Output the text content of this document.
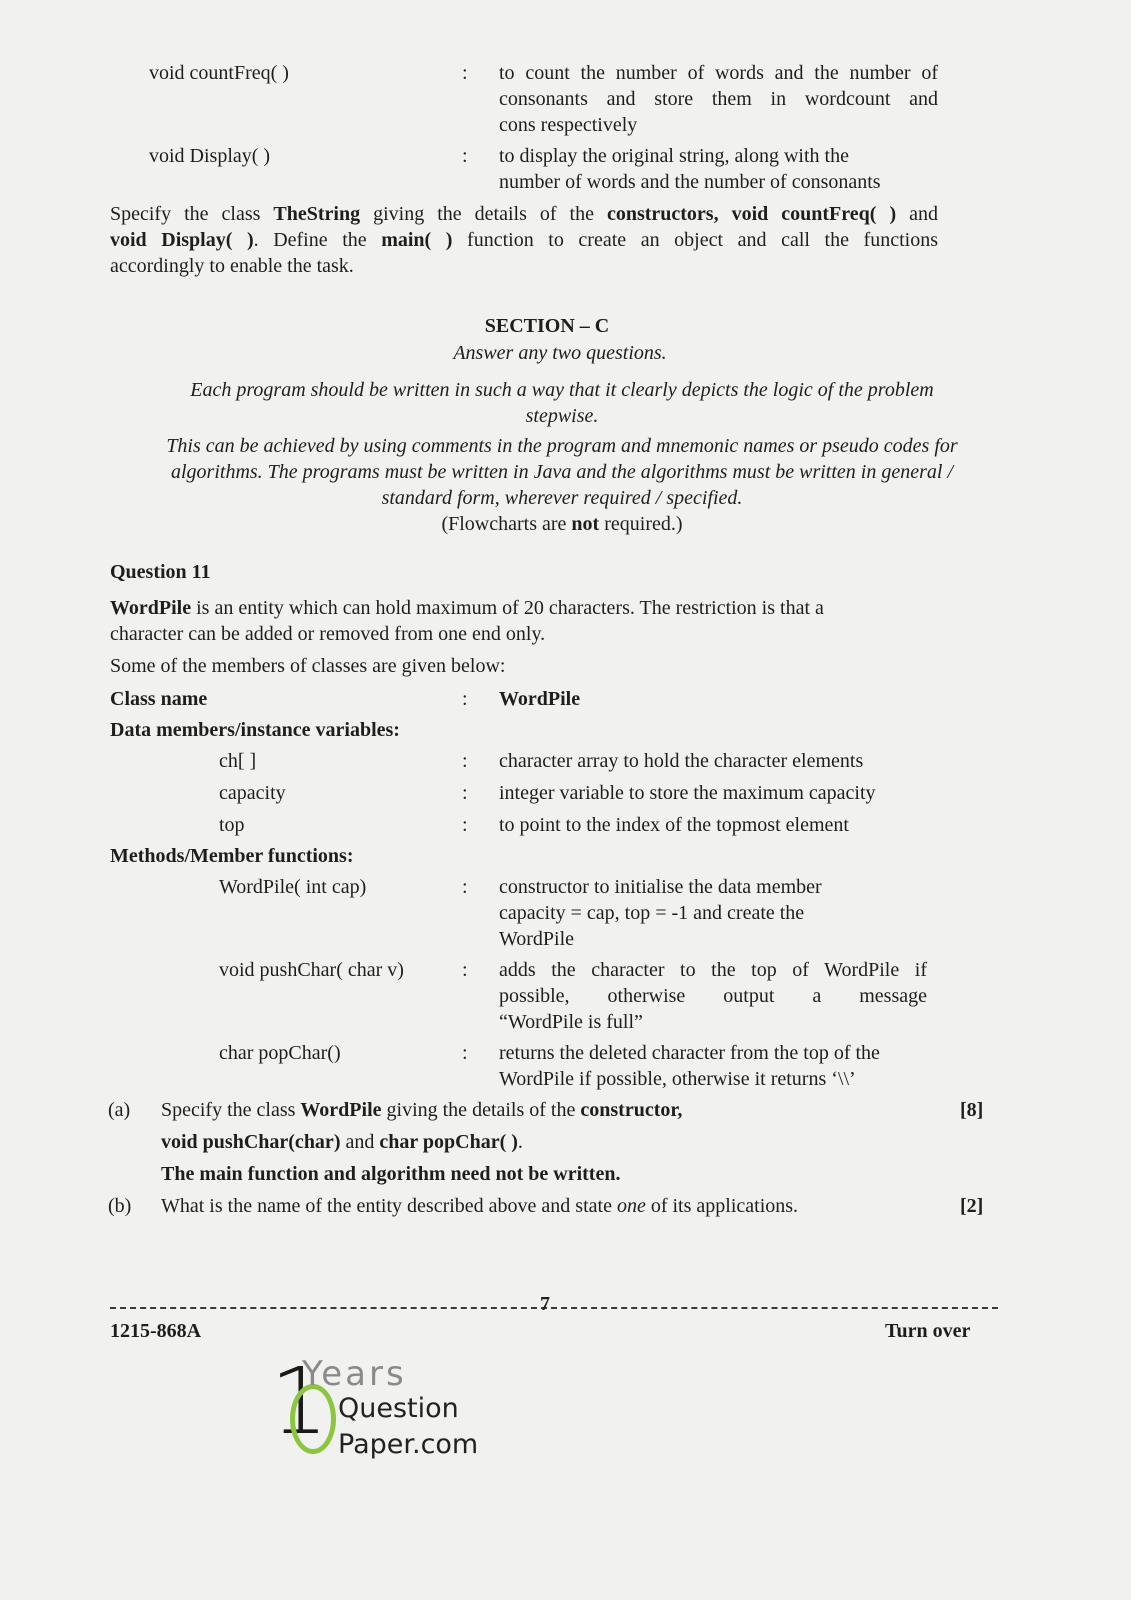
void countFreq( )	: to count the number of words and the number of
consonants and store them in wordcount and
cons respectively
void Display( )	: to display the original string, along with the
number of words and the number of consonants
Specify the class TheString giving the details of the constructors, void countFreq( ) and
void Display( ). Define the main( ) function to create an object and call the functions
accordingly to enable the task.
SECTION – C
Answer any two questions.
Each program should be written in such a way that it clearly depicts the logic of the problem
stepwise.
This can be achieved by using comments in the program and mnemonic names or pseudo codes for
algorithms. The programs must be written in Java and the algorithms must be written in general /
standard form, wherever required / specified.
(Flowcharts are not required.)
Question 11
WordPile is an entity which can hold maximum of 20 characters. The restriction is that a
character can be added or removed from one end only.
Some of the members of classes are given below:
Class name	: WordPile
Data members/instance variables:
ch[ ]	: character array to hold the character elements
capacity	: integer variable to store the maximum capacity
top	: to point to the index of the topmost element
Methods/Member functions:
WordPile( int cap)	: constructor to initialise the data member
capacity = cap, top = -1 and create the
WordPile
void pushChar( char v)	: adds the character to the top of WordPile if
possible, otherwise output a message
“WordPile is full”
char popChar()	: returns the deleted character from the top of the
WordPile if possible, otherwise it returns ‘\\’
(a) Specify the class WordPile giving the details of the constructor,	[8]
void pushChar(char) and char popChar( ).
The main function and algorithm need not be written.
(b) What is the name of the entity described above and state one of its applications.	[2]
7
1215-868A	Turn over
1
Years
Question
Paper.com
